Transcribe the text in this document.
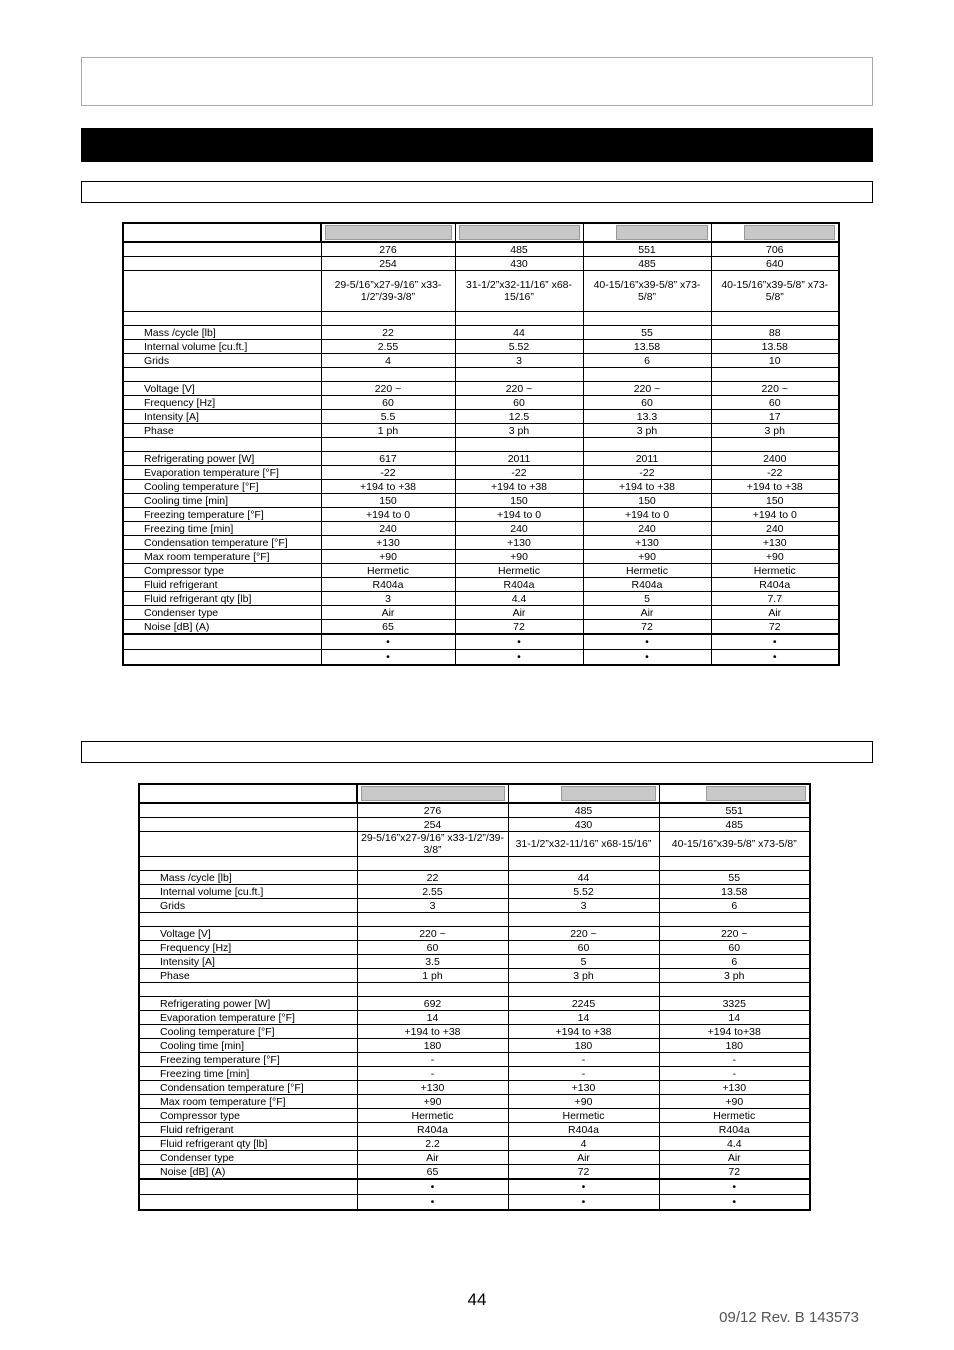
	276	485	551	706
	254	430	485	640
	29-5/16”x27-9/16” x33-1/2”/39-3/8”	31-1/2”x32-11/16” x68-15/16”	40-15/16”x39-5/8” x73-5/8”	40-15/16”x39-5/8” x73-5/8”

Mass /cycle [lb]	22	44	55	88
Internal volume [cu.ft.]	2.55	5.52	13.58	13.58
Grids	4	3	6	10

Voltage [V]	220 ~	220 ~	220 ~	220 ~
Frequency [Hz]	60	60	60	60
Intensity [A]	5.5	12.5	13.3	17
Phase	1 ph	3 ph	3 ph	3 ph

Refrigerating power [W]	617	2011	2011	2400
Evaporation temperature [°F]	-22	-22	-22	-22
Cooling temperature [°F]	+194 to +38	+194 to +38	+194 to +38	+194 to +38
Cooling time [min]	150	150	150	150
Freezing temperature [°F]	+194 to 0	+194 to 0	+194 to 0	+194 to 0
Freezing time [min]	240	240	240	240
Condensation temperature [°F]	+130	+130	+130	+130
Max room temperature [°F]	+90	+90	+90	+90
Compressor type	Hermetic	Hermetic	Hermetic	Hermetic
Fluid refrigerant	R404a	R404a	R404a	R404a
Fluid refrigerant qty [lb]	3	4.4	5	7.7
Condenser type	Air	Air	Air	Air
Noise [dB] (A)	65	72	72	72
	•	•	•	•
	•	•	•	•

	276	485	551
	254	430	485
	29-5/16”x27-9/16” x33-1/2”/39-3/8”	31-1/2”x32-11/16” x68-15/16”	40-15/16”x39-5/8” x73-5/8”

Mass /cycle [lb]	22	44	55
Internal volume [cu.ft.]	2.55	5.52	13.58
Grids	3	3	6

Voltage [V]	220 ~	220 ~	220 ~
Frequency [Hz]	60	60	60
Intensity [A]	3.5	5	6
Phase	1 ph	3 ph	3 ph

Refrigerating power [W]	692	2245	3325
Evaporation temperature [°F]	14	14	14
Cooling temperature [°F]	+194 to +38	+194 to +38	+194 to+38
Cooling time [min]	180	180	180
Freezing temperature [°F]	-	-	-
Freezing time [min]	-	-	-
Condensation temperature [°F]	+130	+130	+130
Max room temperature [°F]	+90	+90	+90
Compressor type	Hermetic	Hermetic	Hermetic
Fluid refrigerant	R404a	R404a	R404a
Fluid refrigerant qty [lb]	2.2	4	4.4
Condenser type	Air	Air	Air
Noise [dB] (A)	65	72	72
	•	•	•
	•	•	•
44
09/12 Rev. B 143573
